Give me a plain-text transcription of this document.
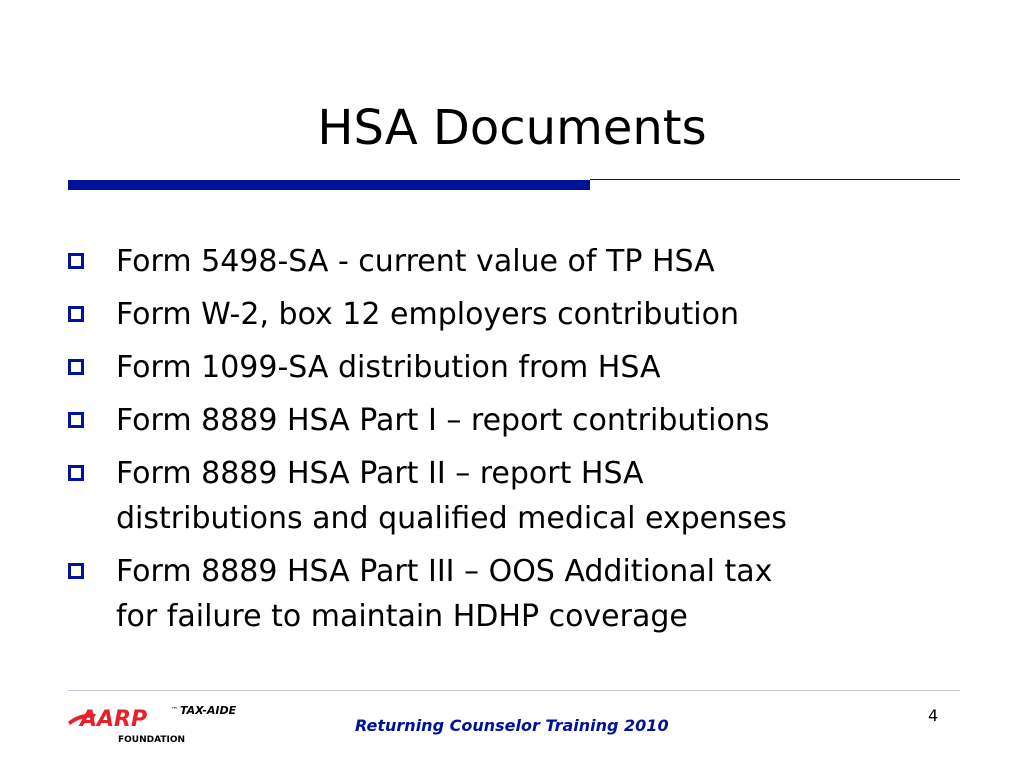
HSA Documents
Form 5498-SA - current value of TP HSA
Form W-2, box 12 employers contribution
Form 1099-SA distribution from HSA
Form 8889 HSA Part I – report contributions
Form 8889 HSA Part II – report HSA
distributions and qualified medical expenses
Form 8889 HSA Part III – OOS Additional tax
for failure to maintain HDHP coverage
AARP	™ TAX-AIDE
FOUNDATION
Returning Counselor Training 2010
4
